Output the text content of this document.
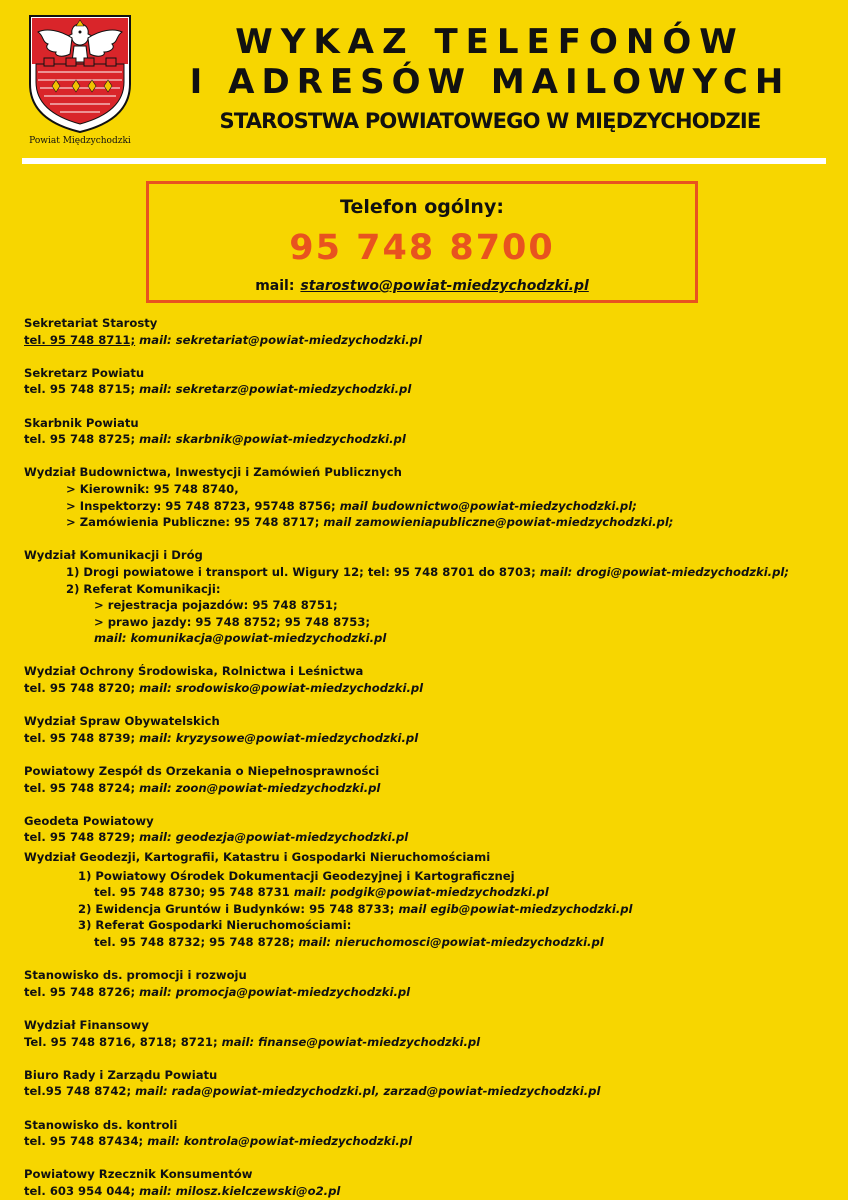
Powiat Międzychodzki
WYKAZ TELEFONÓW
I ADRESÓW MAILOWYCH
STAROSTWA POWIATOWEGO W MIĘDZYCHODZIE
Telefon ogólny:
95 748 8700
mail: starostwo@powiat-miedzychodzki.pl
Sekretariat Starosty
tel. 95 748 8711; mail: sekretariat@powiat-miedzychodzki.pl
Sekretarz Powiatu
tel. 95 748 8715; mail: sekretarz@powiat-miedzychodzki.pl
Skarbnik Powiatu
tel. 95 748 8725; mail: skarbnik@powiat-miedzychodzki.pl
Wydział Budownictwa, Inwestycji i Zamówień Publicznych
> Kierownik: 95 748 8740,
> Inspektorzy: 95 748 8723, 95748 8756; mail budownictwo@powiat-miedzychodzki.pl;
> Zamówienia Publiczne: 95 748 8717; mail zamowieniapubliczne@powiat-miedzychodzki.pl;
Wydział Komunikacji i Dróg
1) Drogi powiatowe i transport ul. Wigury 12; tel: 95 748 8701 do 8703; mail: drogi@powiat-miedzychodzki.pl;
2) Referat Komunikacji:
> rejestracja pojazdów: 95 748 8751;
> prawo jazdy: 95 748 8752; 95 748 8753;
mail: komunikacja@powiat-miedzychodzki.pl
Wydział Ochrony Środowiska, Rolnictwa i Leśnictwa
tel. 95 748 8720; mail: srodowisko@powiat-miedzychodzki.pl
Wydział Spraw Obywatelskich
tel. 95 748 8739; mail: kryzysowe@powiat-miedzychodzki.pl
Powiatowy Zespół ds Orzekania o Niepełnosprawności
tel. 95 748 8724; mail: zoon@powiat-miedzychodzki.pl
Geodeta Powiatowy
tel. 95 748 8729; mail: geodezja@powiat-miedzychodzki.pl
Wydział Geodezji, Kartografii, Katastru i Gospodarki Nieruchomościami
1) Powiatowy Ośrodek Dokumentacji Geodezyjnej i Kartograficznej
tel. 95 748 8730; 95 748 8731 mail: podgik@powiat-miedzychodzki.pl
2) Ewidencja Gruntów i Budynków: 95 748 8733; mail egib@powiat-miedzychodzki.pl
3) Referat Gospodarki Nieruchomościami:
tel. 95 748 8732; 95 748 8728; mail: nieruchomosci@powiat-miedzychodzki.pl
Stanowisko ds. promocji i rozwoju
tel. 95 748 8726; mail: promocja@powiat-miedzychodzki.pl
Wydział Finansowy
Tel. 95 748 8716, 8718; 8721; mail: finanse@powiat-miedzychodzki.pl
Biuro Rady i Zarządu Powiatu
tel.95 748 8742; mail: rada@powiat-miedzychodzki.pl, zarzad@powiat-miedzychodzki.pl
Stanowisko ds. kontroli
tel. 95 748 87434; mail: kontrola@powiat-miedzychodzki.pl
Powiatowy Rzecznik Konsumentów
tel. 603 954 044; mail: milosz.kielczewski@o2.pl
